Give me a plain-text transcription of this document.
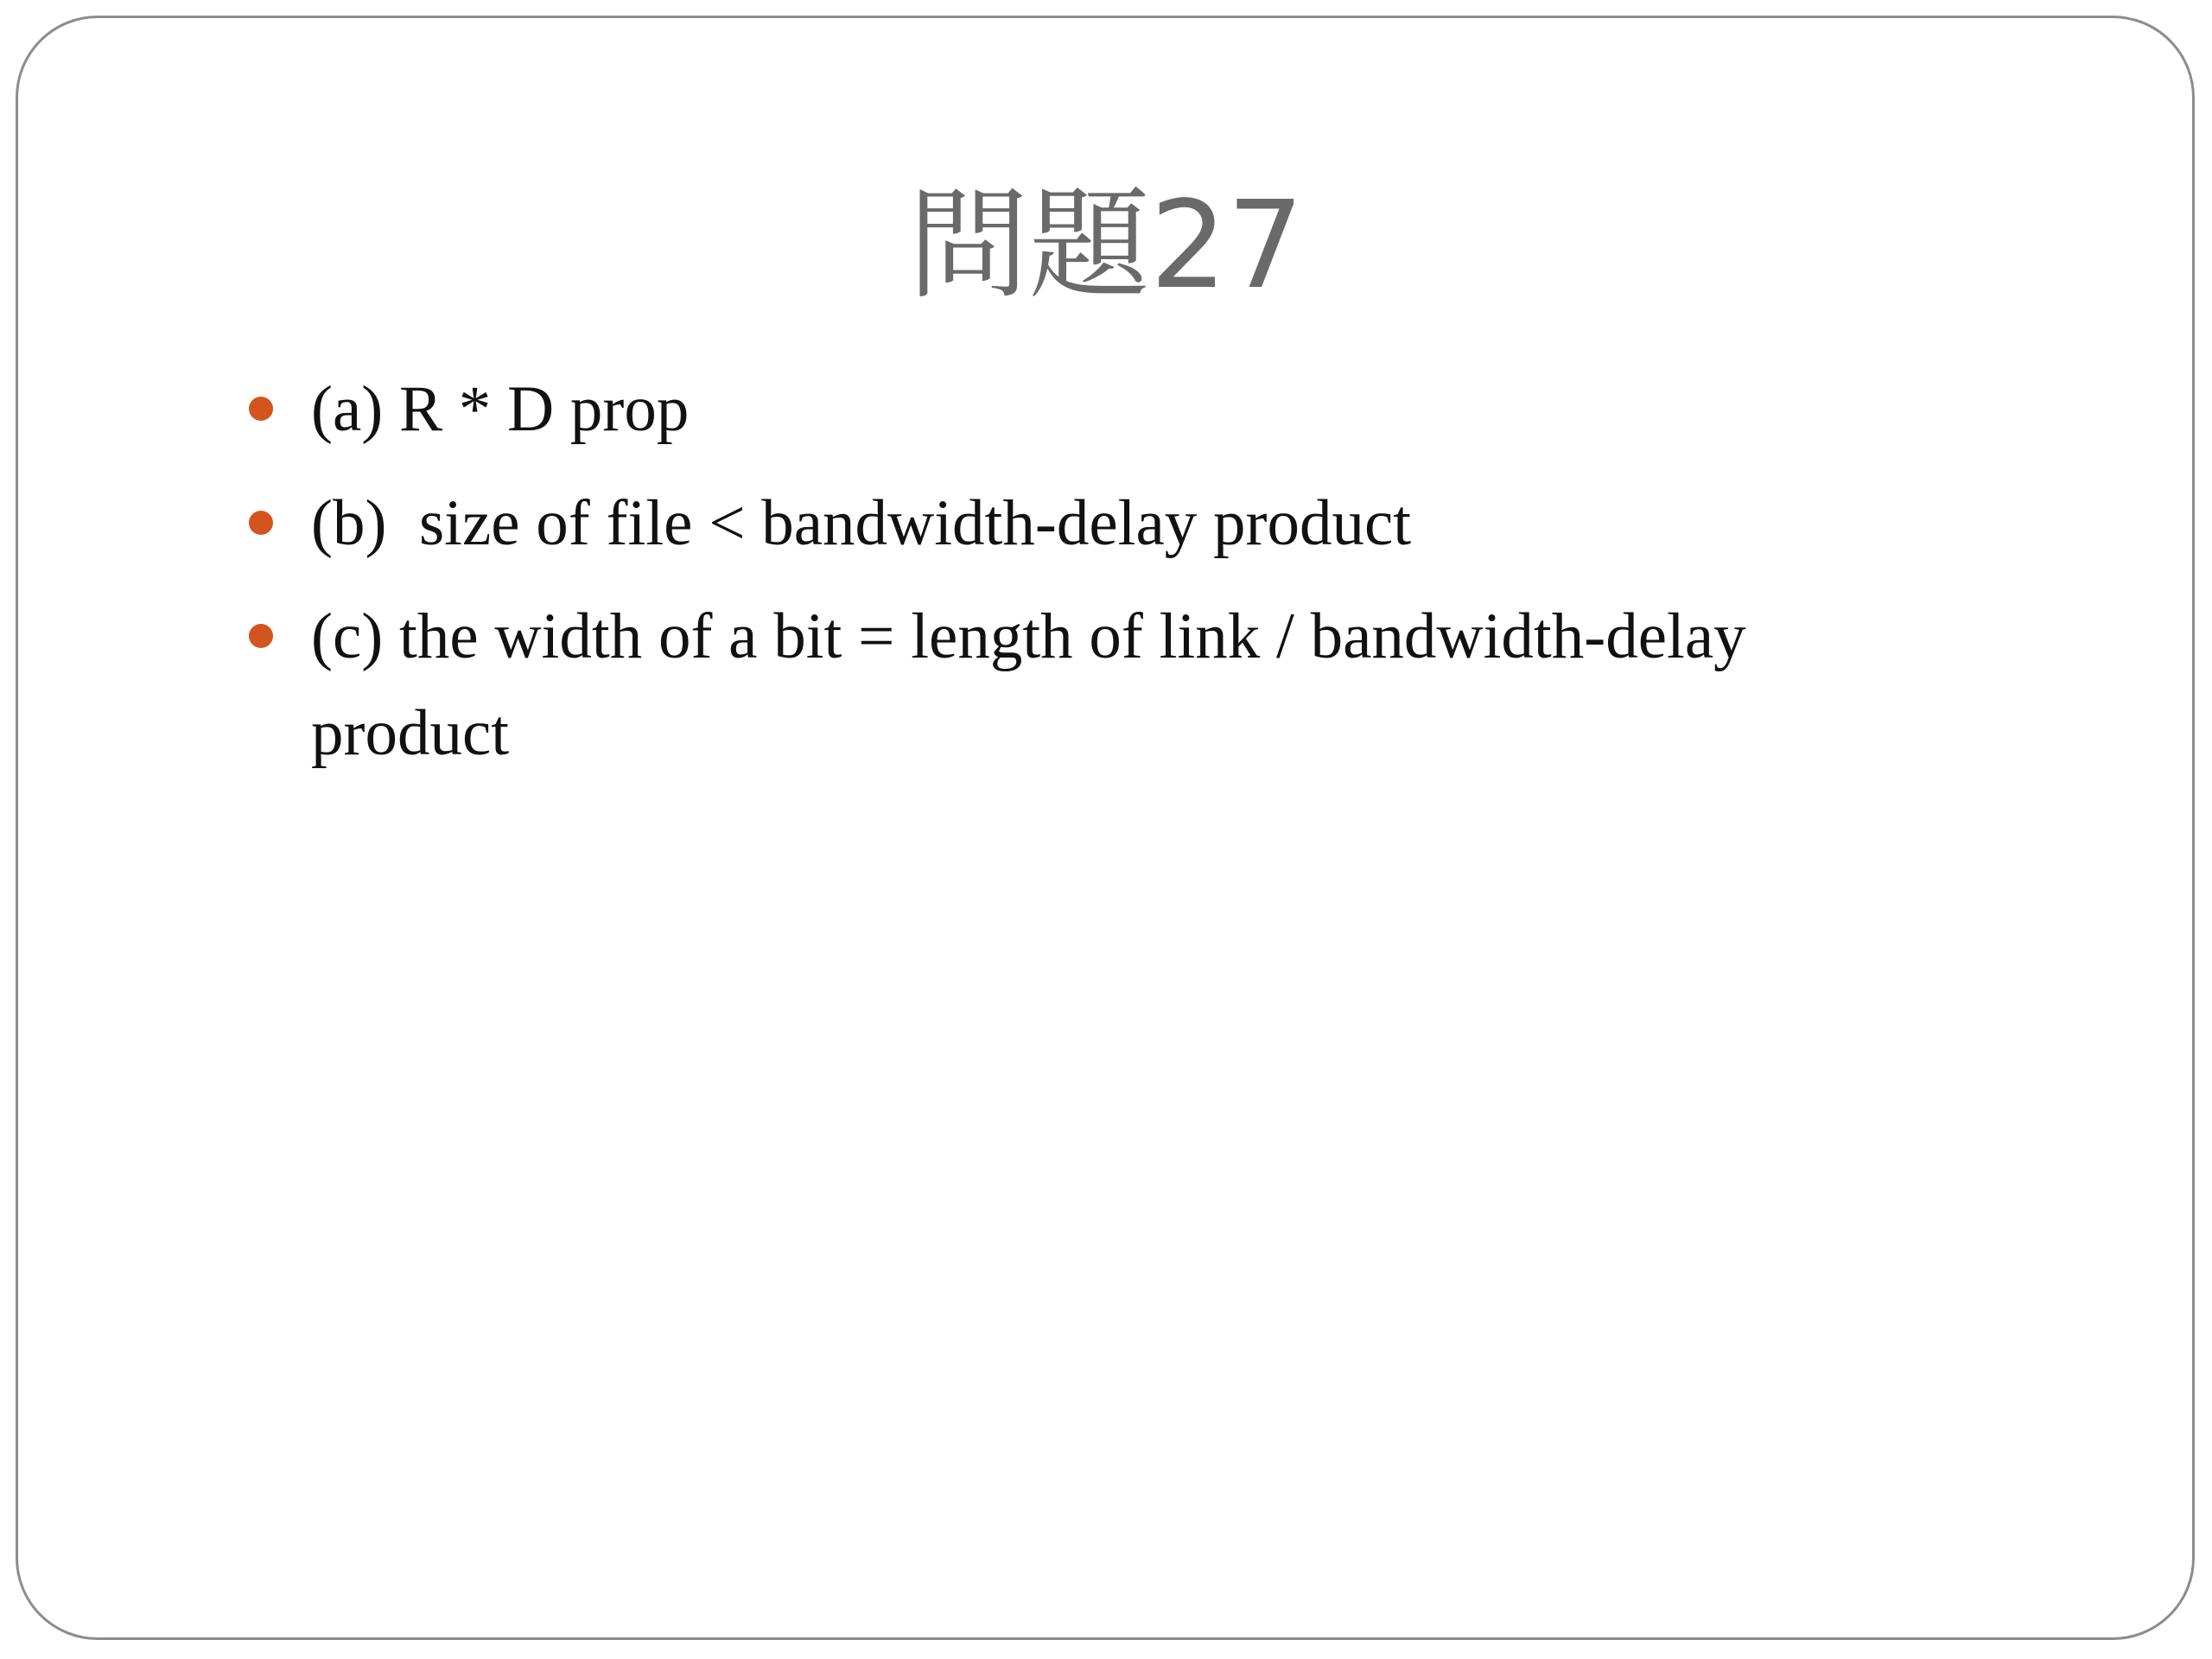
問題27
(a) R * D prop
(b)  size of file < bandwidth-delay product
(c) the width of a bit = length of link / bandwidth-delay product
